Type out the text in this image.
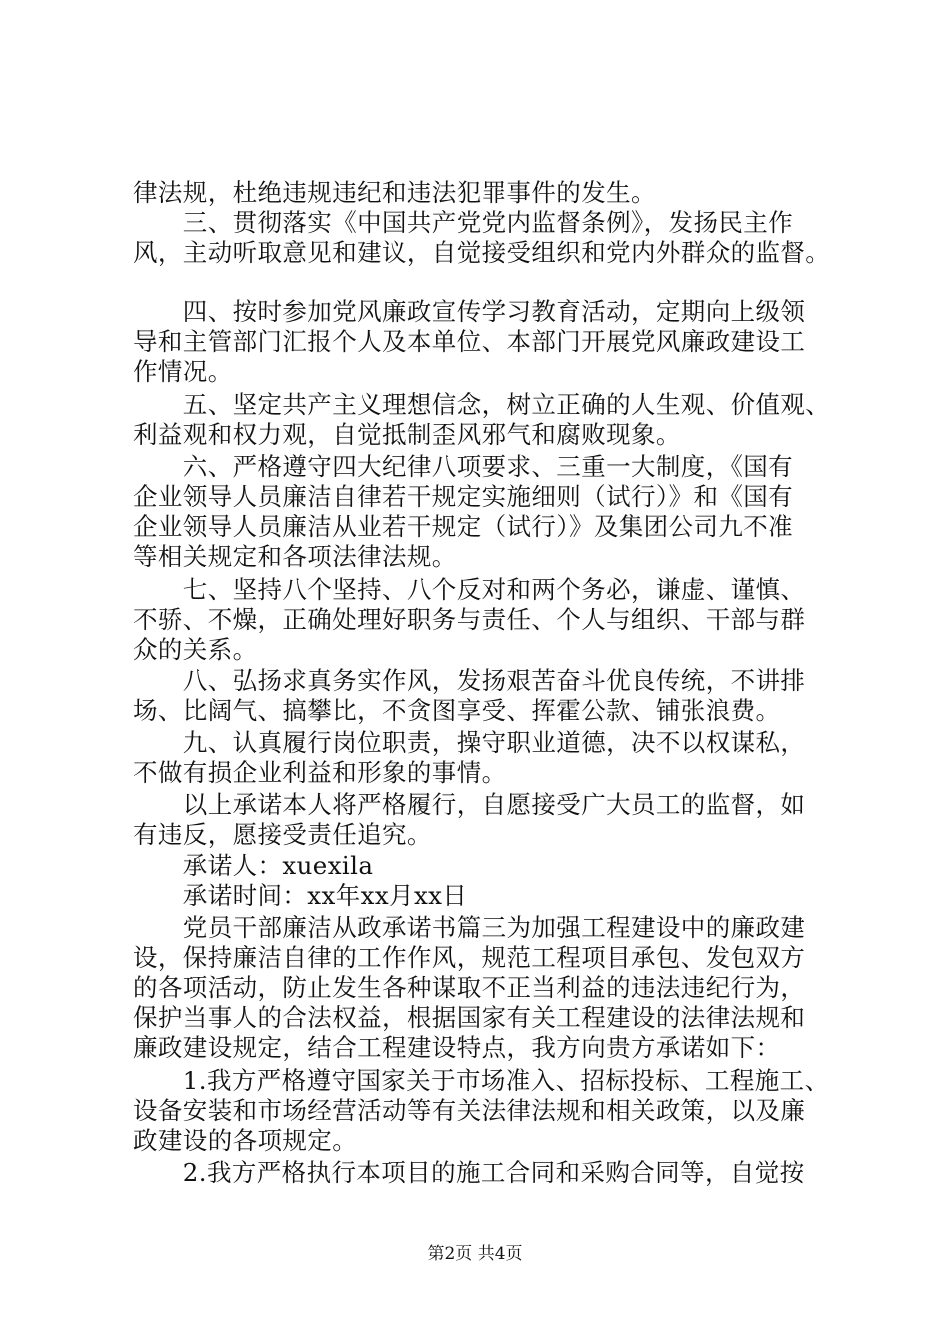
律法规，杜绝违规违纪和违法犯罪事件的发生。
　　三、贯彻落实《中国共产党党内监督条例》，发扬民主作
风，主动听取意见和建议，自觉接受组织和党内外群众的监督。
　　四、按时参加党风廉政宣传学习教育活动，定期向上级领
导和主管部门汇报个人及本单位、本部门开展党风廉政建设工
作情况。
　　五、坚定共产主义理想信念，树立正确的人生观、价值观、
利益观和权力观，自觉抵制歪风邪气和腐败现象。
　　六、严格遵守四大纪律八项要求、三重一大制度，《国有
企业领导人员廉洁自律若干规定实施细则（试行）》和《国有
企业领导人员廉洁从业若干规定（试行）》及集团公司九不准
等相关规定和各项法律法规。
　　七、坚持八个坚持、八个反对和两个务必，谦虚、谨慎、
不骄、不燥，正确处理好职务与责任、个人与组织、干部与群
众的关系。
　　八、弘扬求真务实作风，发扬艰苦奋斗优良传统，不讲排
场、比阔气、搞攀比，不贪图享受、挥霍公款、铺张浪费。
　　九、认真履行岗位职责，操守职业道德，决不以权谋私，
不做有损企业利益和形象的事情。
　　以上承诺本人将严格履行，自愿接受广大员工的监督，如
有违反，愿接受责任追究。
　　承诺人：xuexila
　　承诺时间：xx年xx月xx日
　　党员干部廉洁从政承诺书篇三为加强工程建设中的廉政建
设，保持廉洁自律的工作作风，规范工程项目承包、发包双方
的各项活动，防止发生各种谋取不正当利益的违法违纪行为，
保护当事人的合法权益，根据国家有关工程建设的法律法规和
廉政建设规定，结合工程建设特点，我方向贵方承诺如下：
　　1.我方严格遵守国家关于市场准入、招标投标、工程施工、
设备安装和市场经营活动等有关法律法规和相关政策，以及廉
政建设的各项规定。
　　2.我方严格执行本项目的施工合同和采购合同等，自觉按
第2页 共4页
